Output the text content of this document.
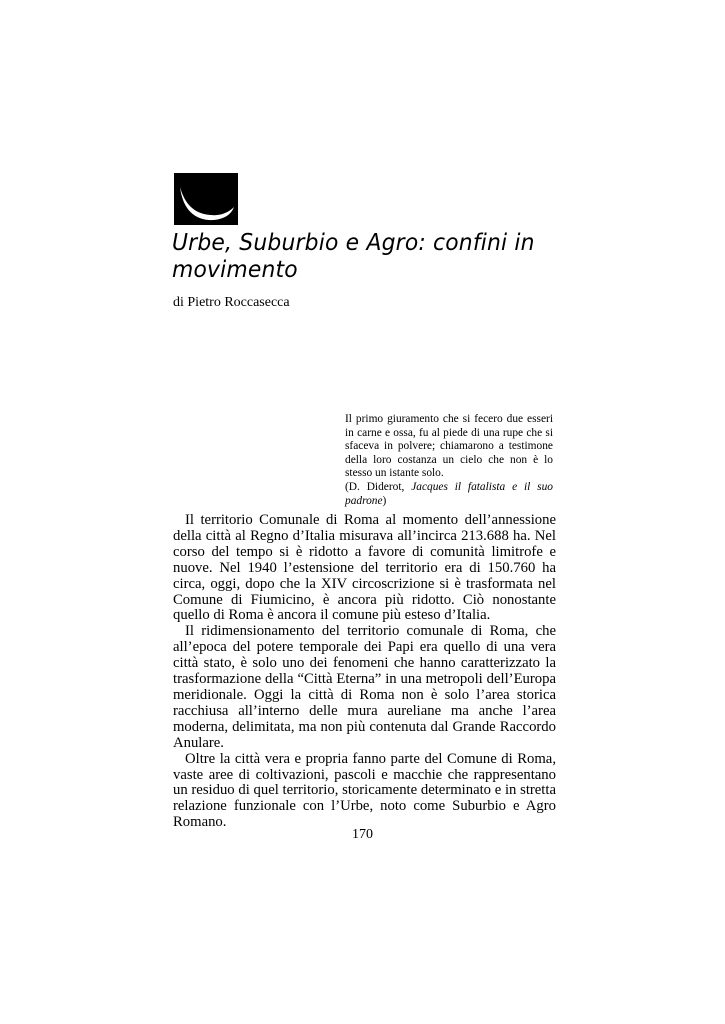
Urbe, Suburbio e Agro: confini in movimento
di Pietro Roccasecca

Il primo giuramento che si fecero due esseri in carne e ossa, fu al piede di una rupe che si sfaceva in polvere; chiamarono a testimone della loro costanza un cielo che non è lo stesso un istante solo.

(D. Diderot, Jacques il fatalista e il suo

padrone)

Il territorio Comunale di Roma al momento dell’annessione della città al Regno d’Italia misurava all’incirca 213.688 ha. Nel corso del tempo si è ridotto a favore di comunità limitrofe e nuove. Nel 1940 l’estensione del territorio era di 150.760 ha circa, oggi, dopo che la XIV circoscrizione si è trasformata nel Comune di Fiumicino, è ancora più ridotto. Ciò nonostante quello di Roma è ancora il comune più esteso d’Italia.

Il ridimensionamento del territorio comunale di Roma, che all’epoca del potere temporale dei Papi era quello di una vera città stato, è solo uno dei fenomeni che hanno caratterizzato la trasformazione della “Città Eterna” in una metropoli dell’Europa meridionale. Oggi la città di Roma non è solo l’area storica racchiusa all’interno delle mura aureliane ma anche l’area moderna, delimitata, ma non più contenuta dal Grande Raccordo Anulare.

Oltre la città vera e propria fanno parte del Comune di Roma, vaste aree di coltivazioni, pascoli e macchie che rappresentano un residuo di quel territorio, storicamente determinato e in stretta relazione funzionale con l’Urbe, noto come Suburbio e Agro Romano.

170
